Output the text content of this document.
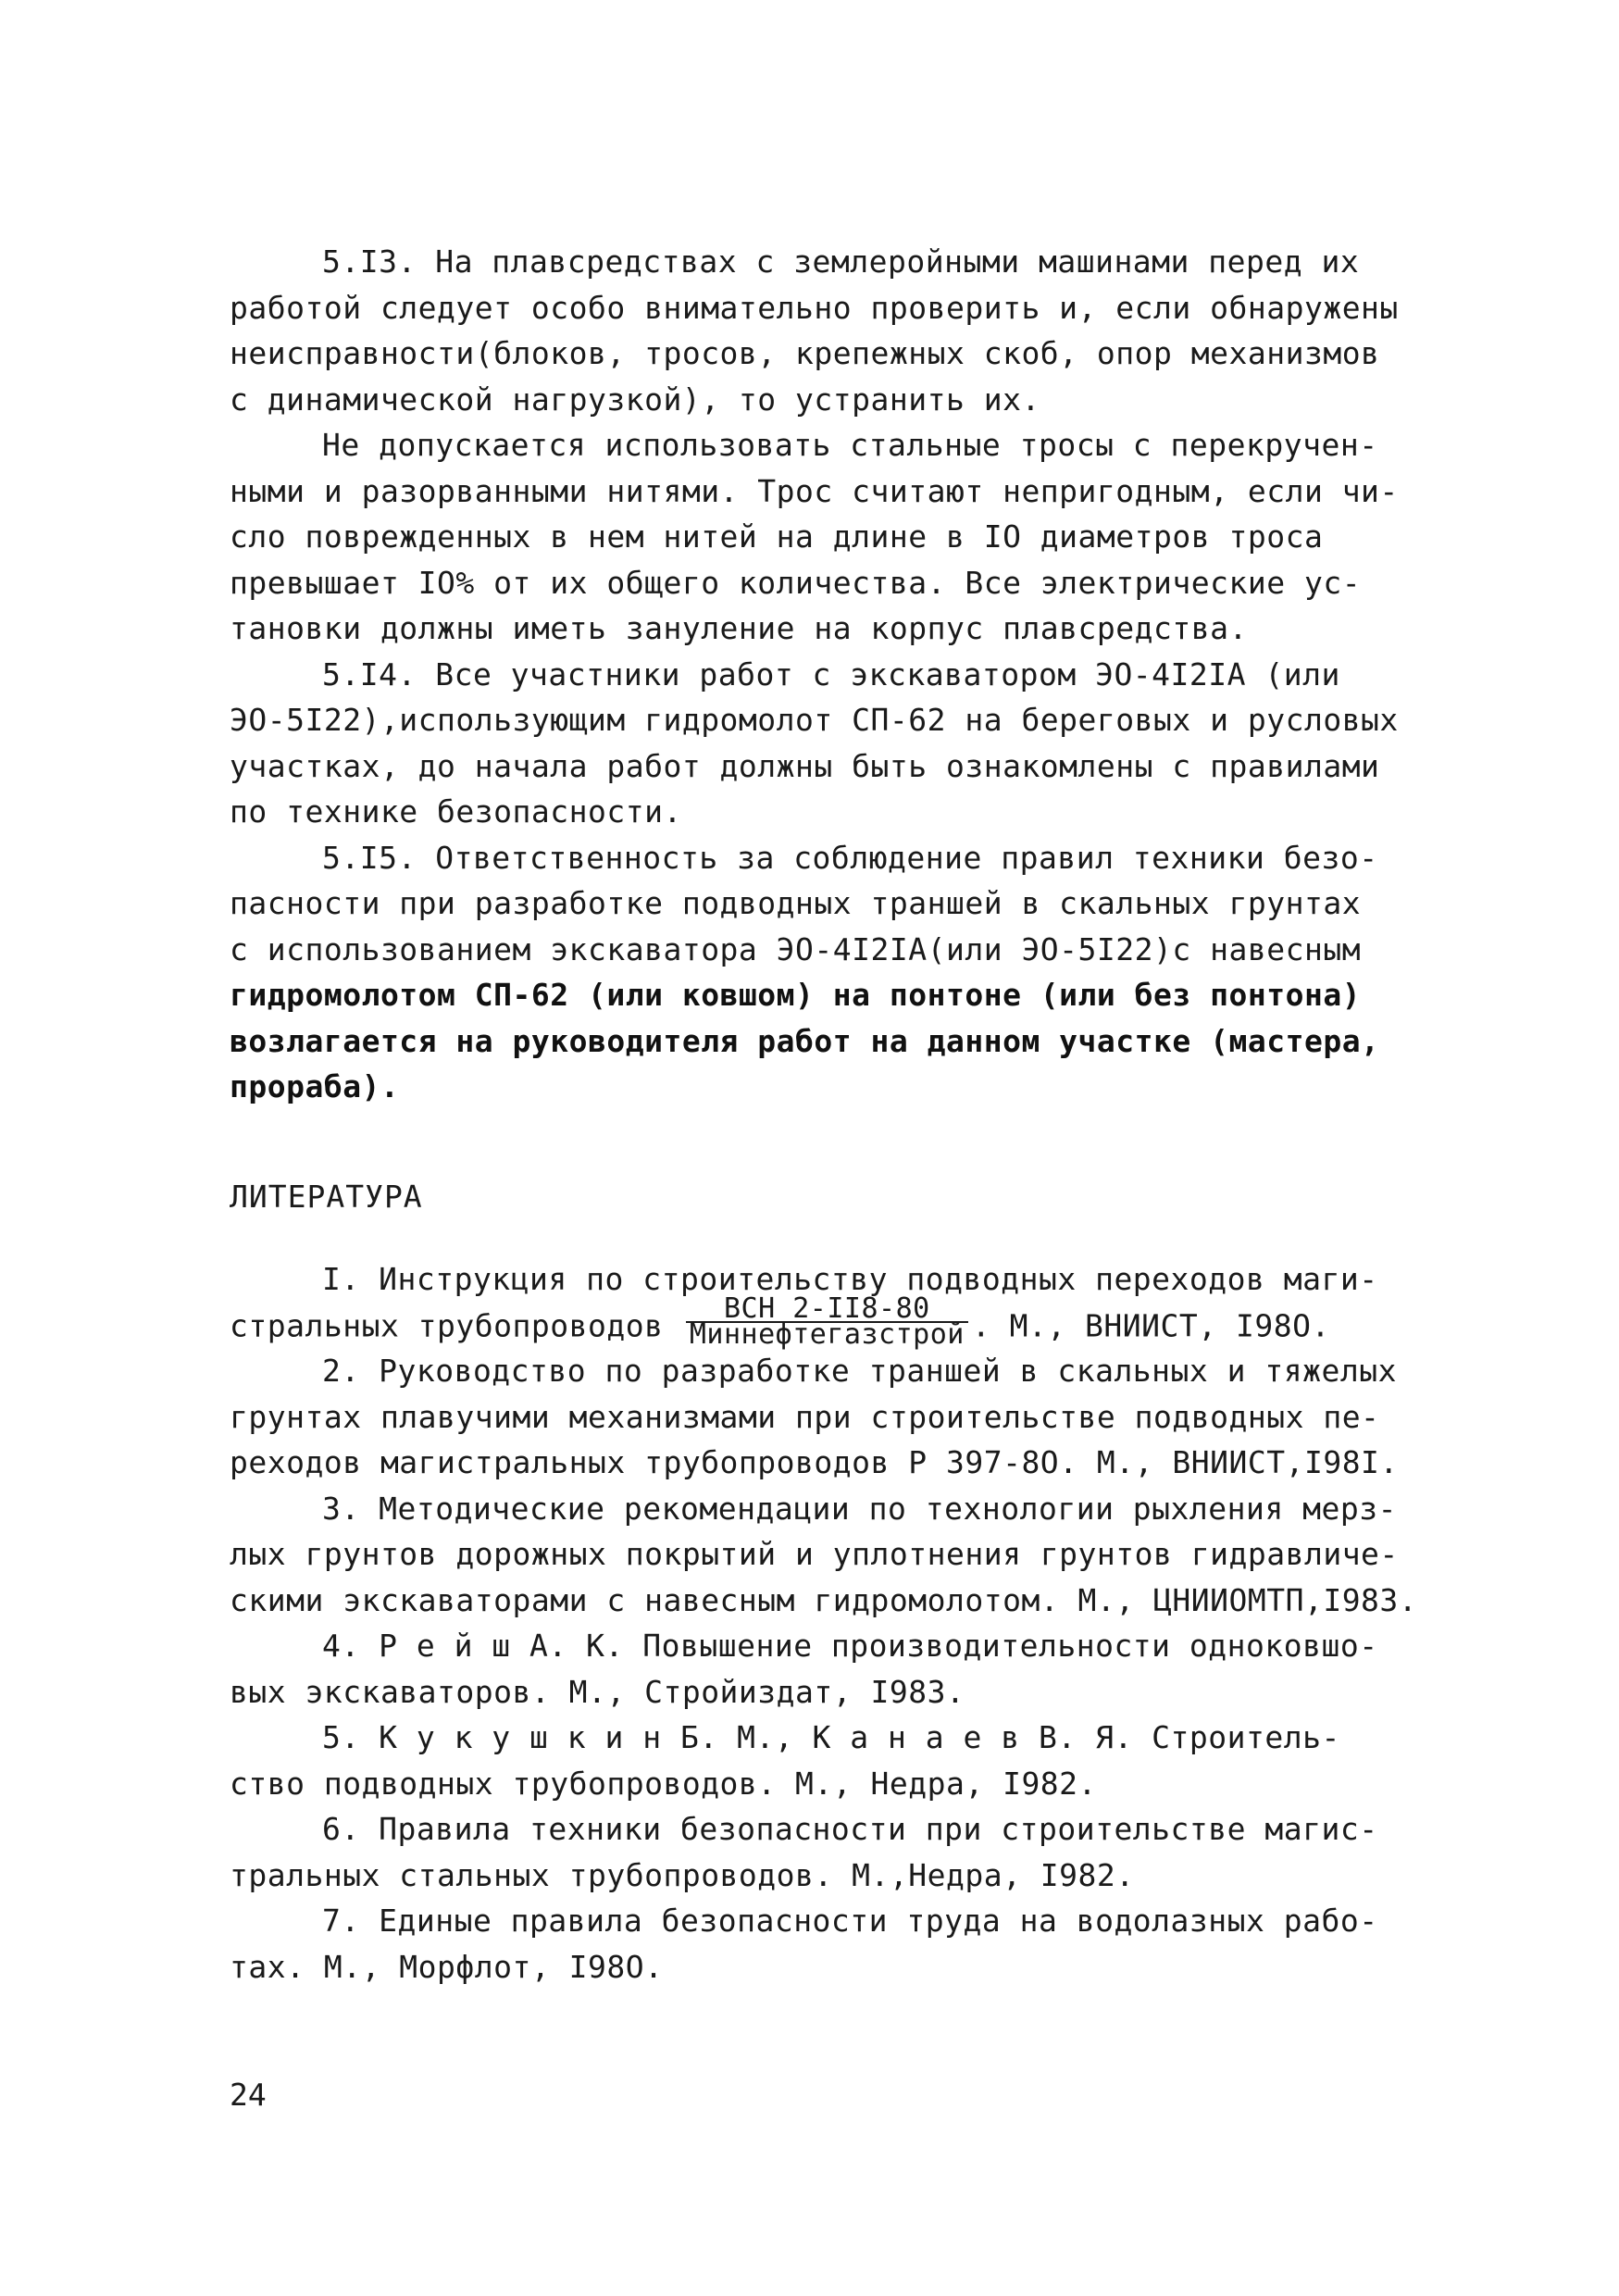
5.I3. На плавсредствах с землеройными машинами перед их
работой следует особо внимательно проверить и, если обнаружены
неисправности(блоков, тросов, крепежных скоб, опор механизмов
с динамической нагрузкой), то устранить их.
Не допускается использовать стальные тросы с перекручен-
ными и разорванными нитями. Трос считают непригодным, если чи-
сло поврежденных в нем нитей на длине в IО диаметров троса
превышает IО% от их общего количества. Все электрические ус-
тановки должны иметь зануление на корпус плавсредства.
5.I4. Все участники работ с экскаватором ЭО-4I2IА (или
ЭО-5I22),использующим гидромолот СП-62 на береговых и русловых
участках, до начала работ должны быть ознакомлены с правилами
по технике безопасности.
5.I5. Ответственность за соблюдение правил техники безо-
пасности при разработке подводных траншей в скальных грунтах
с использованием экскаватора ЭО-4I2IА(или ЭО-5I22)с навесным
гидромолотом СП-62 (или ковшом) на понтоне (или без понтона)
возлагается на руководителя работ на данном участке (мастера,
прораба).
ЛИТЕРАТУРА
I. Инструкция по строительству подводных переходов маги-
стральных трубопроводов $\frac{\text{ВСН 2-II8-80}}{\text{Миннефтегазстрой}}$ . М., ВНИИСТ, I98О.
2. Руководство по разработке траншей в скальных и тяжелых
грунтах плавучими механизмами при строительстве подводных пе-
реходов магистральных трубопроводов Р 397-8О. М., ВНИИСТ,I98I.
3. Методические рекомендации по технологии рыхления мерз-
лых грунтов дорожных покрытий и уплотнения грунтов гидравличе-
скими экскаваторами с навесным гидромолотом. М., ЦНИИОМТП,I983.
4. Р е й ш А. К. Повышение производительности одноковшо-
вых экскаваторов. М., Стройиздат, I983.
5. К у к у ш к и н Б. М., К а н а е в В. Я. Строитель-
ство подводных трубопроводов. М., Недра, I982.
6. Правила техники безопасности при строительстве магис-
тральных стальных трубопроводов. М.,Недра, I982.
7. Единые правила безопасности труда на водолазных рабо-
тах. М., Морфлот, I98О.
24
